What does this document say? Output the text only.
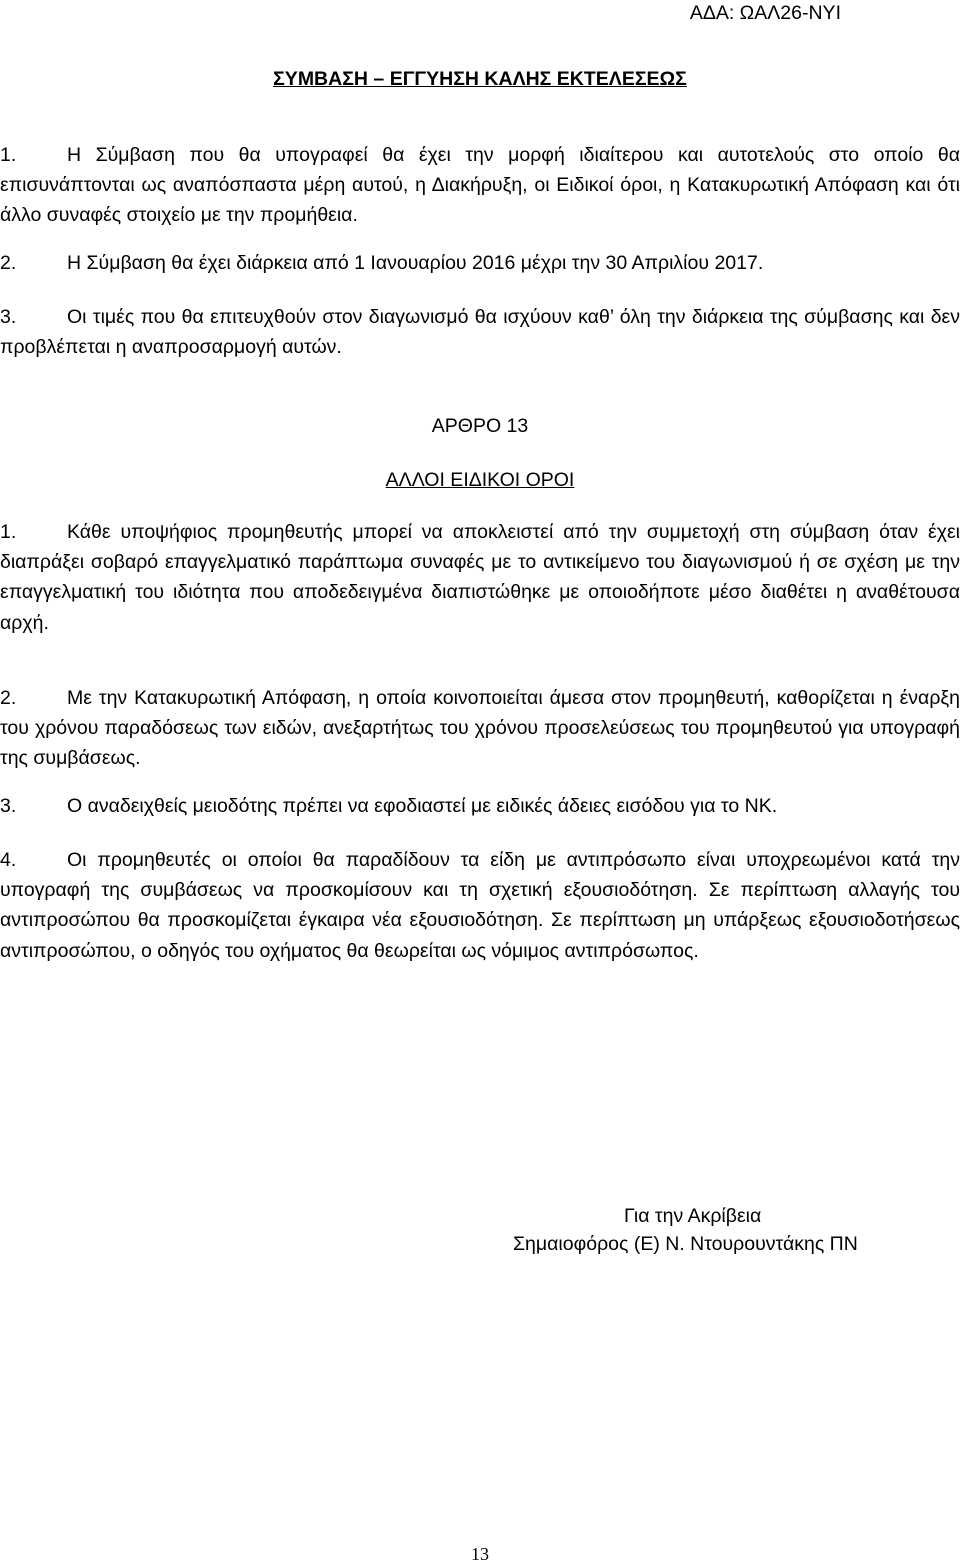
ΑΔΑ: ΩΑΛ26-ΝΥΙ
ΣΥΜΒΑΣΗ – ΕΓΓΥΗΣΗ ΚΑΛΗΣ ΕΚΤΕΛΕΣΕΩΣ

1.	Η Σύμβαση που θα υπογραφεί θα έχει την μορφή ιδιαίτερου και αυτοτελούς στο οποίο θα επισυνάπτονται ως αναπόσπαστα μέρη αυτού, η Διακήρυξη, οι Ειδικοί όροι, η Κατακυρωτική Απόφαση και ότι άλλο συναφές στοιχείο με την προμήθεια.

2.	Η Σύμβαση θα έχει διάρκεια από 1 Ιανουαρίου 2016 μέχρι την 30 Απριλίου 2017.

3.	Οι τιμές που θα επιτευχθούν στον διαγωνισμό θα ισχύουν καθ’ όλη την διάρκεια της σύμβασης και δεν προβλέπεται η αναπροσαρμογή αυτών.

ΑΡΘΡΟ 13
ΑΛΛΟΙ ΕΙΔΙΚΟΙ ΟΡΟΙ

1.	Κάθε υποψήφιος προμηθευτής μπορεί να αποκλειστεί από την συμμετοχή στη σύμβαση όταν έχει διαπράξει σοβαρό επαγγελματικό παράπτωμα συναφές με το αντικείμενο του διαγωνισμού ή σε σχέση με την επαγγελματική του ιδιότητα που αποδεδειγμένα διαπιστώθηκε με οποιοδήποτε μέσο διαθέτει η αναθέτουσα αρχή.

2.	Με την Κατακυρωτική Απόφαση, η οποία κοινοποιείται άμεσα στον προμηθευτή, καθορίζεται η έναρξη του χρόνου παραδόσεως των ειδών, ανεξαρτήτως του χρόνου προσελεύσεως του προμηθευτού για υπογραφή της συμβάσεως.

3.	Ο αναδειχθείς μειοδότης πρέπει να εφοδιαστεί με ειδικές άδειες εισόδου για το ΝΚ.

4.	Οι προμηθευτές οι οποίοι θα παραδίδουν τα είδη με αντιπρόσωπο είναι υποχρεωμένοι κατά την υπογραφή της συμβάσεως να προσκομίσουν και τη σχετική εξουσιοδότηση. Σε περίπτωση αλλαγής του αντιπροσώπου θα προσκομίζεται έγκαιρα νέα εξουσιοδότηση. Σε περίπτωση μη υπάρξεως εξουσιοδοτήσεως αντιπροσώπου, ο οδηγός του οχήματος θα θεωρείται ως νόμιμος αντιπρόσωπος.

Για την Ακρίβεια
Σημαιοφόρος (Ε) Ν. Ντουρουντάκης ΠΝ
13
